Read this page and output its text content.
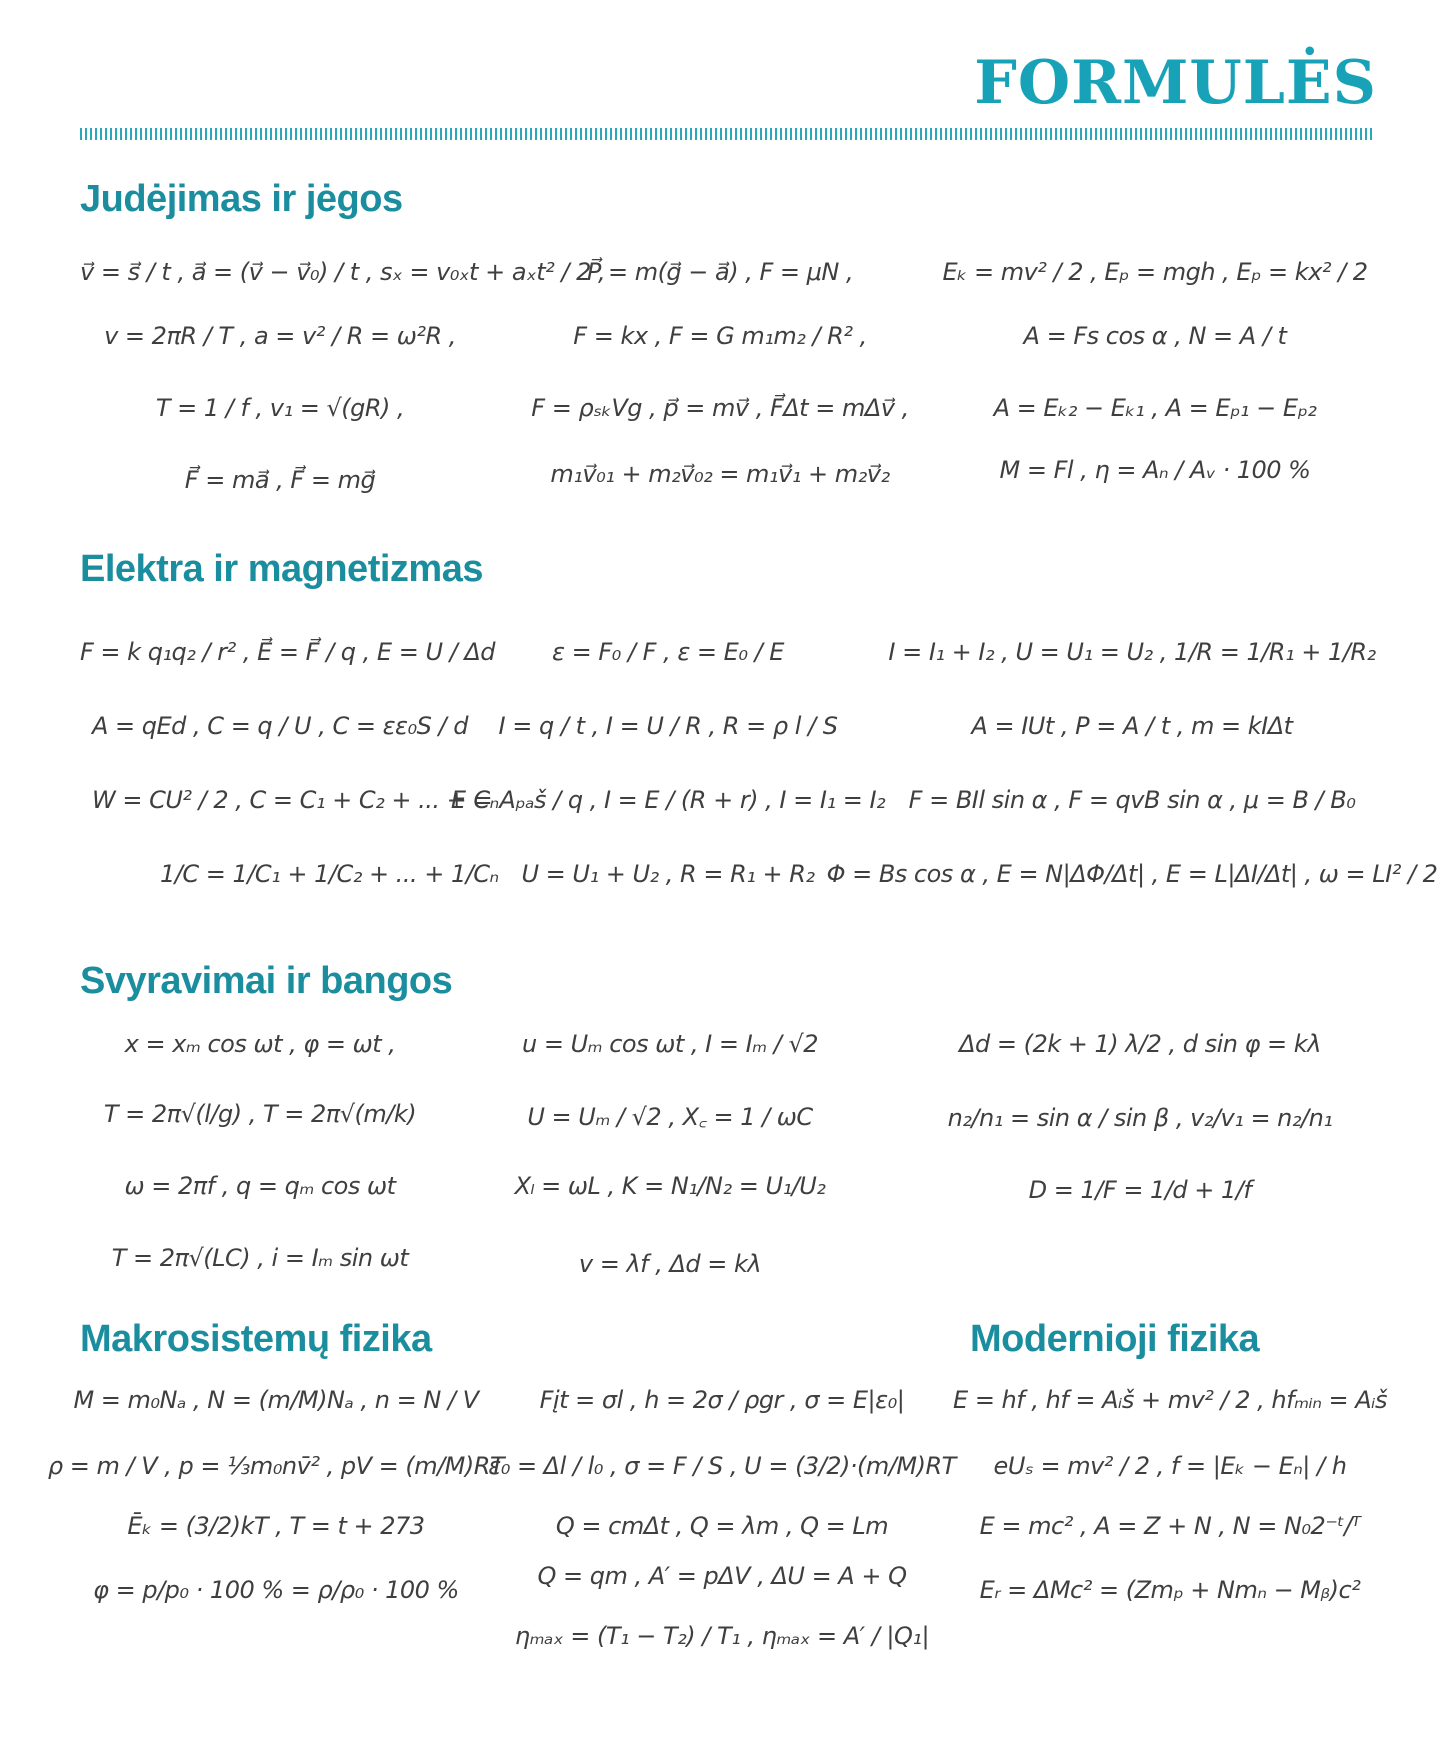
FORMULĖS
Judėjimas ir jėgos
Elektra ir magnetizmas
Svyravimai ir bangos
Makrosistemų fizika	Modernioji fizika
v⃗ = s⃗ / t , a⃗ = (v⃗ − v⃗₀) / t , sₓ = v₀ₓt + aₓt² / 2 ,
v = 2πR / T , a = v² / R = ω²R ,
T = 1 / f , v₁ = √(gR) ,
F⃗ = ma⃗ , F⃗ = mg⃗
P⃗ = m(g⃗ − a⃗) , F = μN ,
F = kx , F = G m₁m₂ / R² ,
F = ρₛₖVg , p⃗ = mv⃗ , F⃗Δt = mΔv⃗ ,
m₁v⃗₀₁ + m₂v⃗₀₂ = m₁v⃗₁ + m₂v⃗₂
Eₖ = mv² / 2 , Eₚ = mgh , Eₚ = kx² / 2
A = Fs cos α , N = A / t
A = Eₖ₂ − Eₖ₁ , A = Eₚ₁ − Eₚ₂
M = Fl , η = Aₙ / Aᵥ · 100 %
F = k q₁q₂ / r² , E⃗ = F⃗ / q , E = U / Δd
A = qEd , C = q / U , C = εε₀S / d
W = CU² / 2 , C = C₁ + C₂ + ... + Cₙ
1/C = 1/C₁ + 1/C₂ + ... + 1/Cₙ
ε = F₀ / F , ε = E₀ / E
I = q / t , I = U / R , R = ρ l / S
E = Aₚₐš / q , I = E / (R + r) , I = I₁ = I₂
U = U₁ + U₂ , R = R₁ + R₂
I = I₁ + I₂ , U = U₁ = U₂ , 1/R = 1/R₁ + 1/R₂
A = IUt , P = A / t , m = kIΔt
F = BIl sin α , F = qvB sin α , μ = B / B₀
Φ = Bs cos α , E = N|ΔΦ/Δt| , E = L|ΔI/Δt| , ω = LI² / 2
x = xₘ cos ωt , φ = ωt ,
T = 2π√(l/g) , T = 2π√(m/k)
ω = 2πf , q = qₘ cos ωt
T = 2π√(LC) , i = Iₘ sin ωt
u = Uₘ cos ωt , I = Iₘ / √2
U = Uₘ / √2 , X꜀ = 1 / ωC
Xₗ = ωL , K = N₁/N₂ = U₁/U₂
v = λf , Δd = kλ
Δd = (2k + 1) λ/2 , d sin φ = kλ
n₂/n₁ = sin α / sin β , v₂/v₁ = n₂/n₁
D = 1/F = 1/d + 1/f
M = m₀Nₐ , N = (m/M)Nₐ , n = N / V
ρ = m / V , p = ⅓m₀nv̄² , pV = (m/M)RT
Ēₖ = (3/2)kT , T = t + 273
φ = p/p₀ · 100 % = ρ/ρ₀ · 100 %
Fįt = σl , h = 2σ / ρgr , σ = E|ε₀|
ε₀ = Δl / l₀ , σ = F / S , U = (3/2)·(m/M)RT
Q = cmΔt , Q = λm , Q = Lm
Q = qm , A′ = pΔV , ΔU = A + Q
ηₘₐₓ = (T₁ − T₂) / T₁ , ηₘₐₓ = A′ / |Q₁|
E = hf , hf = Aᵢš + mv² / 2 , hfₘᵢₙ = Aᵢš
eUₛ = mv² / 2 , f = |Eₖ − Eₙ| / h
E = mc² , A = Z + N , N = N₀2⁻ᵗ/ᵀ
Eᵣ = ΔMc² = (Zmₚ + Nmₙ − Mᵦ)c²
